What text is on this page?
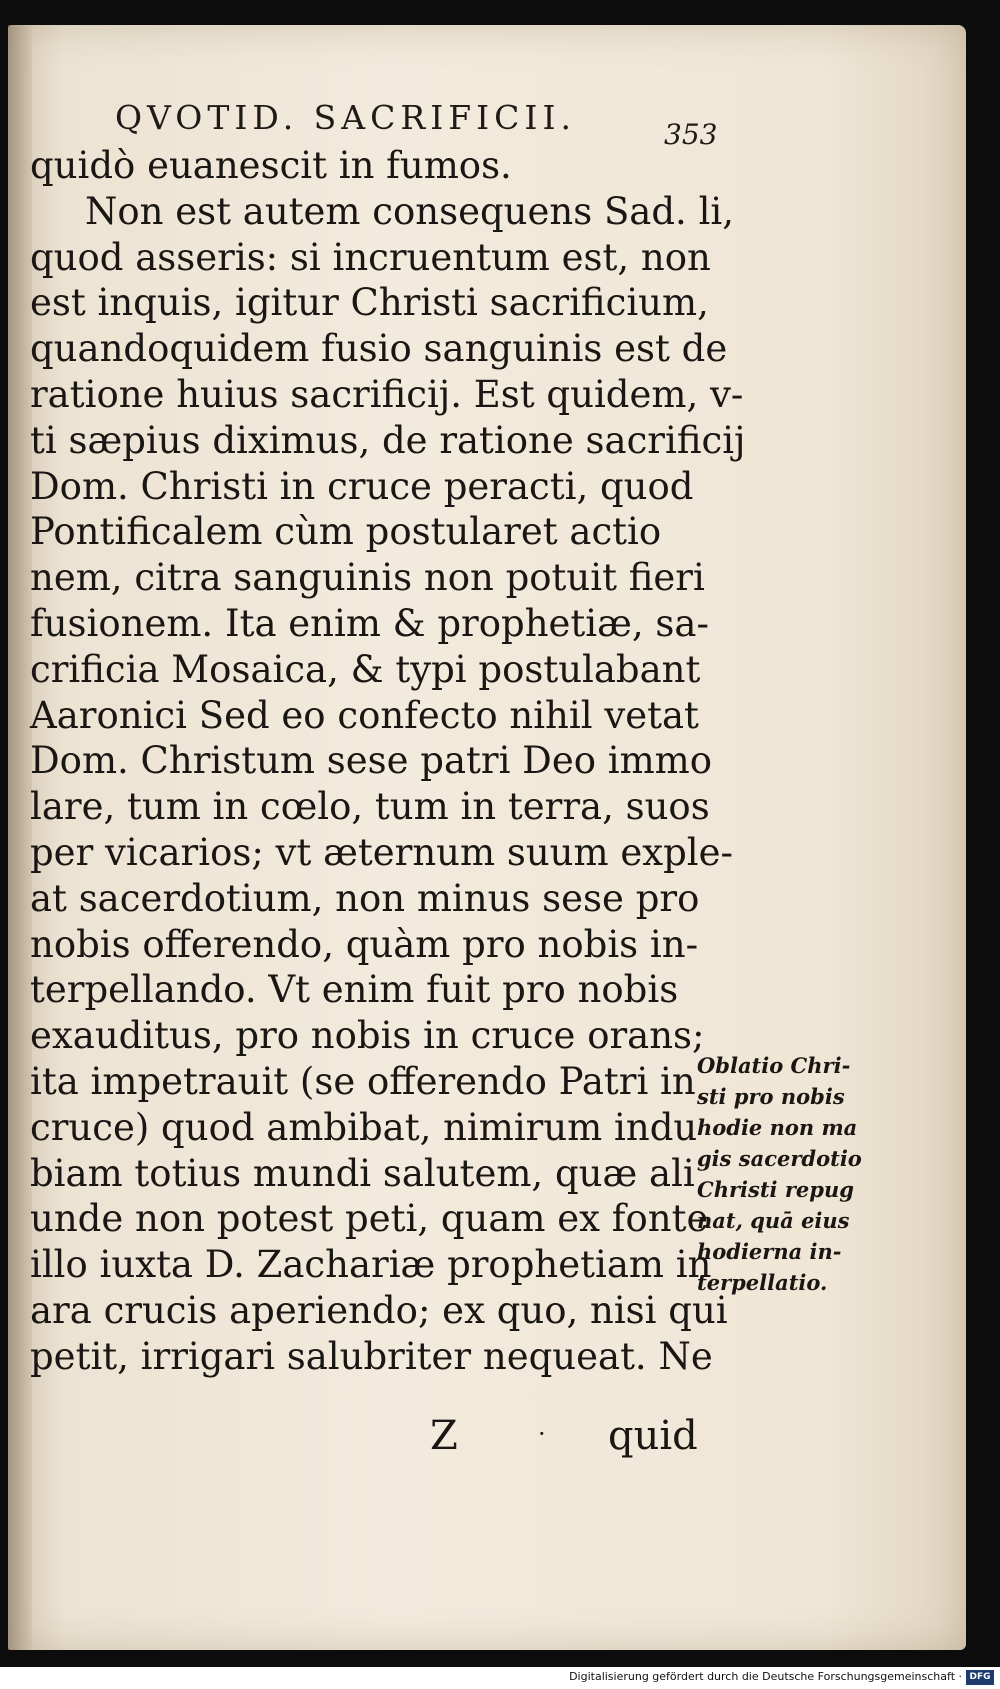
QVOTID. SACRIFICII.	353
quidò euanescit in fumos.
Non est autem consequens Sad. li,
quod asseris: si incruentum est, non
est inquis, igitur Christi sacrificium,
quandoquidem fusio sanguinis est de
ratione huius sacrificij. Est quidem, v-
ti sæpius diximus, de ratione sacrificij
Dom. Christi in cruce peracti, quod
Pontificalem cùm postularet actio
nem, citra sanguinis non potuit fieri
fusionem. Ita enim & prophetiæ, sa-
crificia Mosaica, & typi postulabant
Aaronici Sed eo confecto nihil vetat
Dom. Christum sese patri Deo immo
lare, tum in cœlo, tum in terra, suos
per vicarios; vt æternum suum exple-
at sacerdotium, non minus sese pro
nobis offerendo, quàm pro nobis in-
terpellando. Vt enim fuit pro nobis
exauditus, pro nobis in cruce orans;
ita impetrauit (se offerendo Patri in
cruce) quod ambibat, nimirum indu
biam totius mundi salutem, quæ ali
unde non potest peti, quam ex fonte
illo iuxta D. Zachariæ prophetiam in
ara crucis aperiendo; ex quo, nisi qui
petit, irrigari salubriter nequeat. Ne
Oblatio Chri-
sti pro nobis
hodie non ma
gis sacerdotio
Christi repug
nat, quā eius
hodierna in-
terpellatio.
Z	· quid
Digitalisierung gefördert durch die Deutsche Forschungsgemeinschaft · DFG
